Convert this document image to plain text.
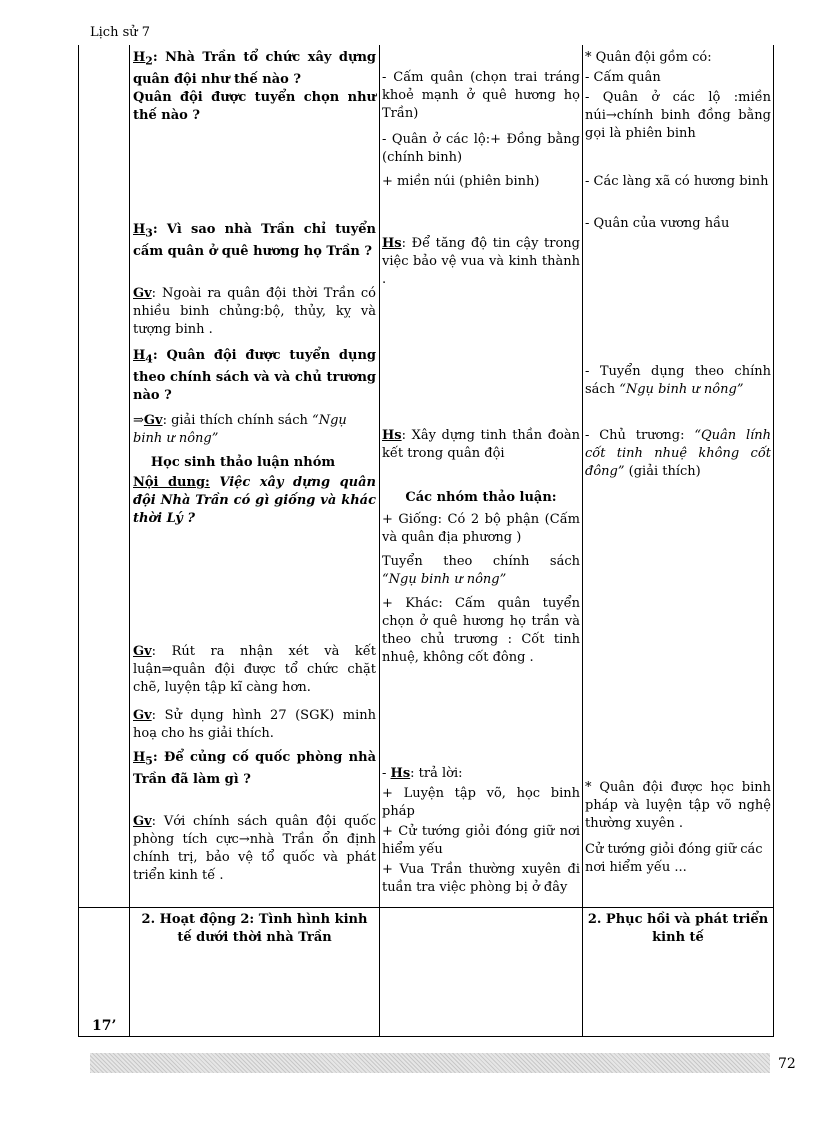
Lịch sử 7
17’

$H_2$: Nhà Trần tổ chức xây dựng quân đội như thế nào ?

Quân đội được tuyển chọn như thế nào ?

$H_3$: Vì sao nhà Trần chỉ tuyển cấm quân ở quê hương họ Trần ?
Gv: Ngoài ra quân đội thời Trần có nhiều binh chủng:bộ, thủy, kỵ và tượng binh .
$H_4$: Quân đội được tuyển dụng theo chính sách và và chủ trương nào ?
⇒Gv: giải thích chính sách “Ngụ binh ư nông”
Học sinh thảo luận nhóm
Nội dung: Việc xây dựng quân đội Nhà Trần có gì giống và khác thời Lý ?
Gv: Rút ra nhận xét và kết luận⇒quân đội được tổ chức chặt chẽ, luyện tập kĩ càng hơn.
Gv: Sử dụng hình 27 (SGK) minh hoạ cho hs giải thích.
$H_5$: Để củng cố quốc phòng nhà Trần đã làm gì ?
Gv: Với chính sách quân đội quốc phòng tích cực→nhà Trần ổn định chính trị, bảo vệ tổ quốc và phát triển kinh tế .
2. Hoạt động 2: Tình hình kinh tế dưới thời nhà Trần
- Cấm quân (chọn trai tráng khoẻ mạnh ở quê hương họ Trần)
- Quân ở các lộ:+ Đồng bằng (chính binh)
+ miền núi (phiên binh)
Hs: Để tăng độ tin cậy trong việc bảo vệ vua và kinh thành .
Hs: Xây dựng tinh thần đoàn kết trong quân đội
Các nhóm thảo luận:
+ Giống: Có 2 bộ phận (Cấm và quân địa phương )

Tuyển theo chính sách

“Ngụ binh ư nông”

+ Khác: Cấm quân tuyển chọn ở quê hương họ trần và theo chủ trương : Cốt tinh nhuệ, không cốt đông .
- Hs: trả lời:
+ Luyện tập võ, học binh pháp
+ Cử tướng giỏi đóng giữ nơi hiểm yếu
+ Vua Trần thường xuyên đi tuần tra việc phòng bị ở đây
* Quân đội gồm có:
- Cấm quân
- Quân ở các lộ :miền núi→chính binh đồng bằng gọi là phiên binh
- Các làng xã có hương binh
- Quân của vương hầu
- Tuyển dụng theo chính sách “Ngụ binh ư nông”
- Chủ trương: “Quân lính cốt tinh nhuệ không cốt đông” (giải thích)
* Quân đội được học binh pháp và luyện tập võ nghệ thường xuyên .
Cử tướng giỏi đóng giữ các nơi hiểm yếu ...
2. Phục hồi và phát triển kinh tế
72
